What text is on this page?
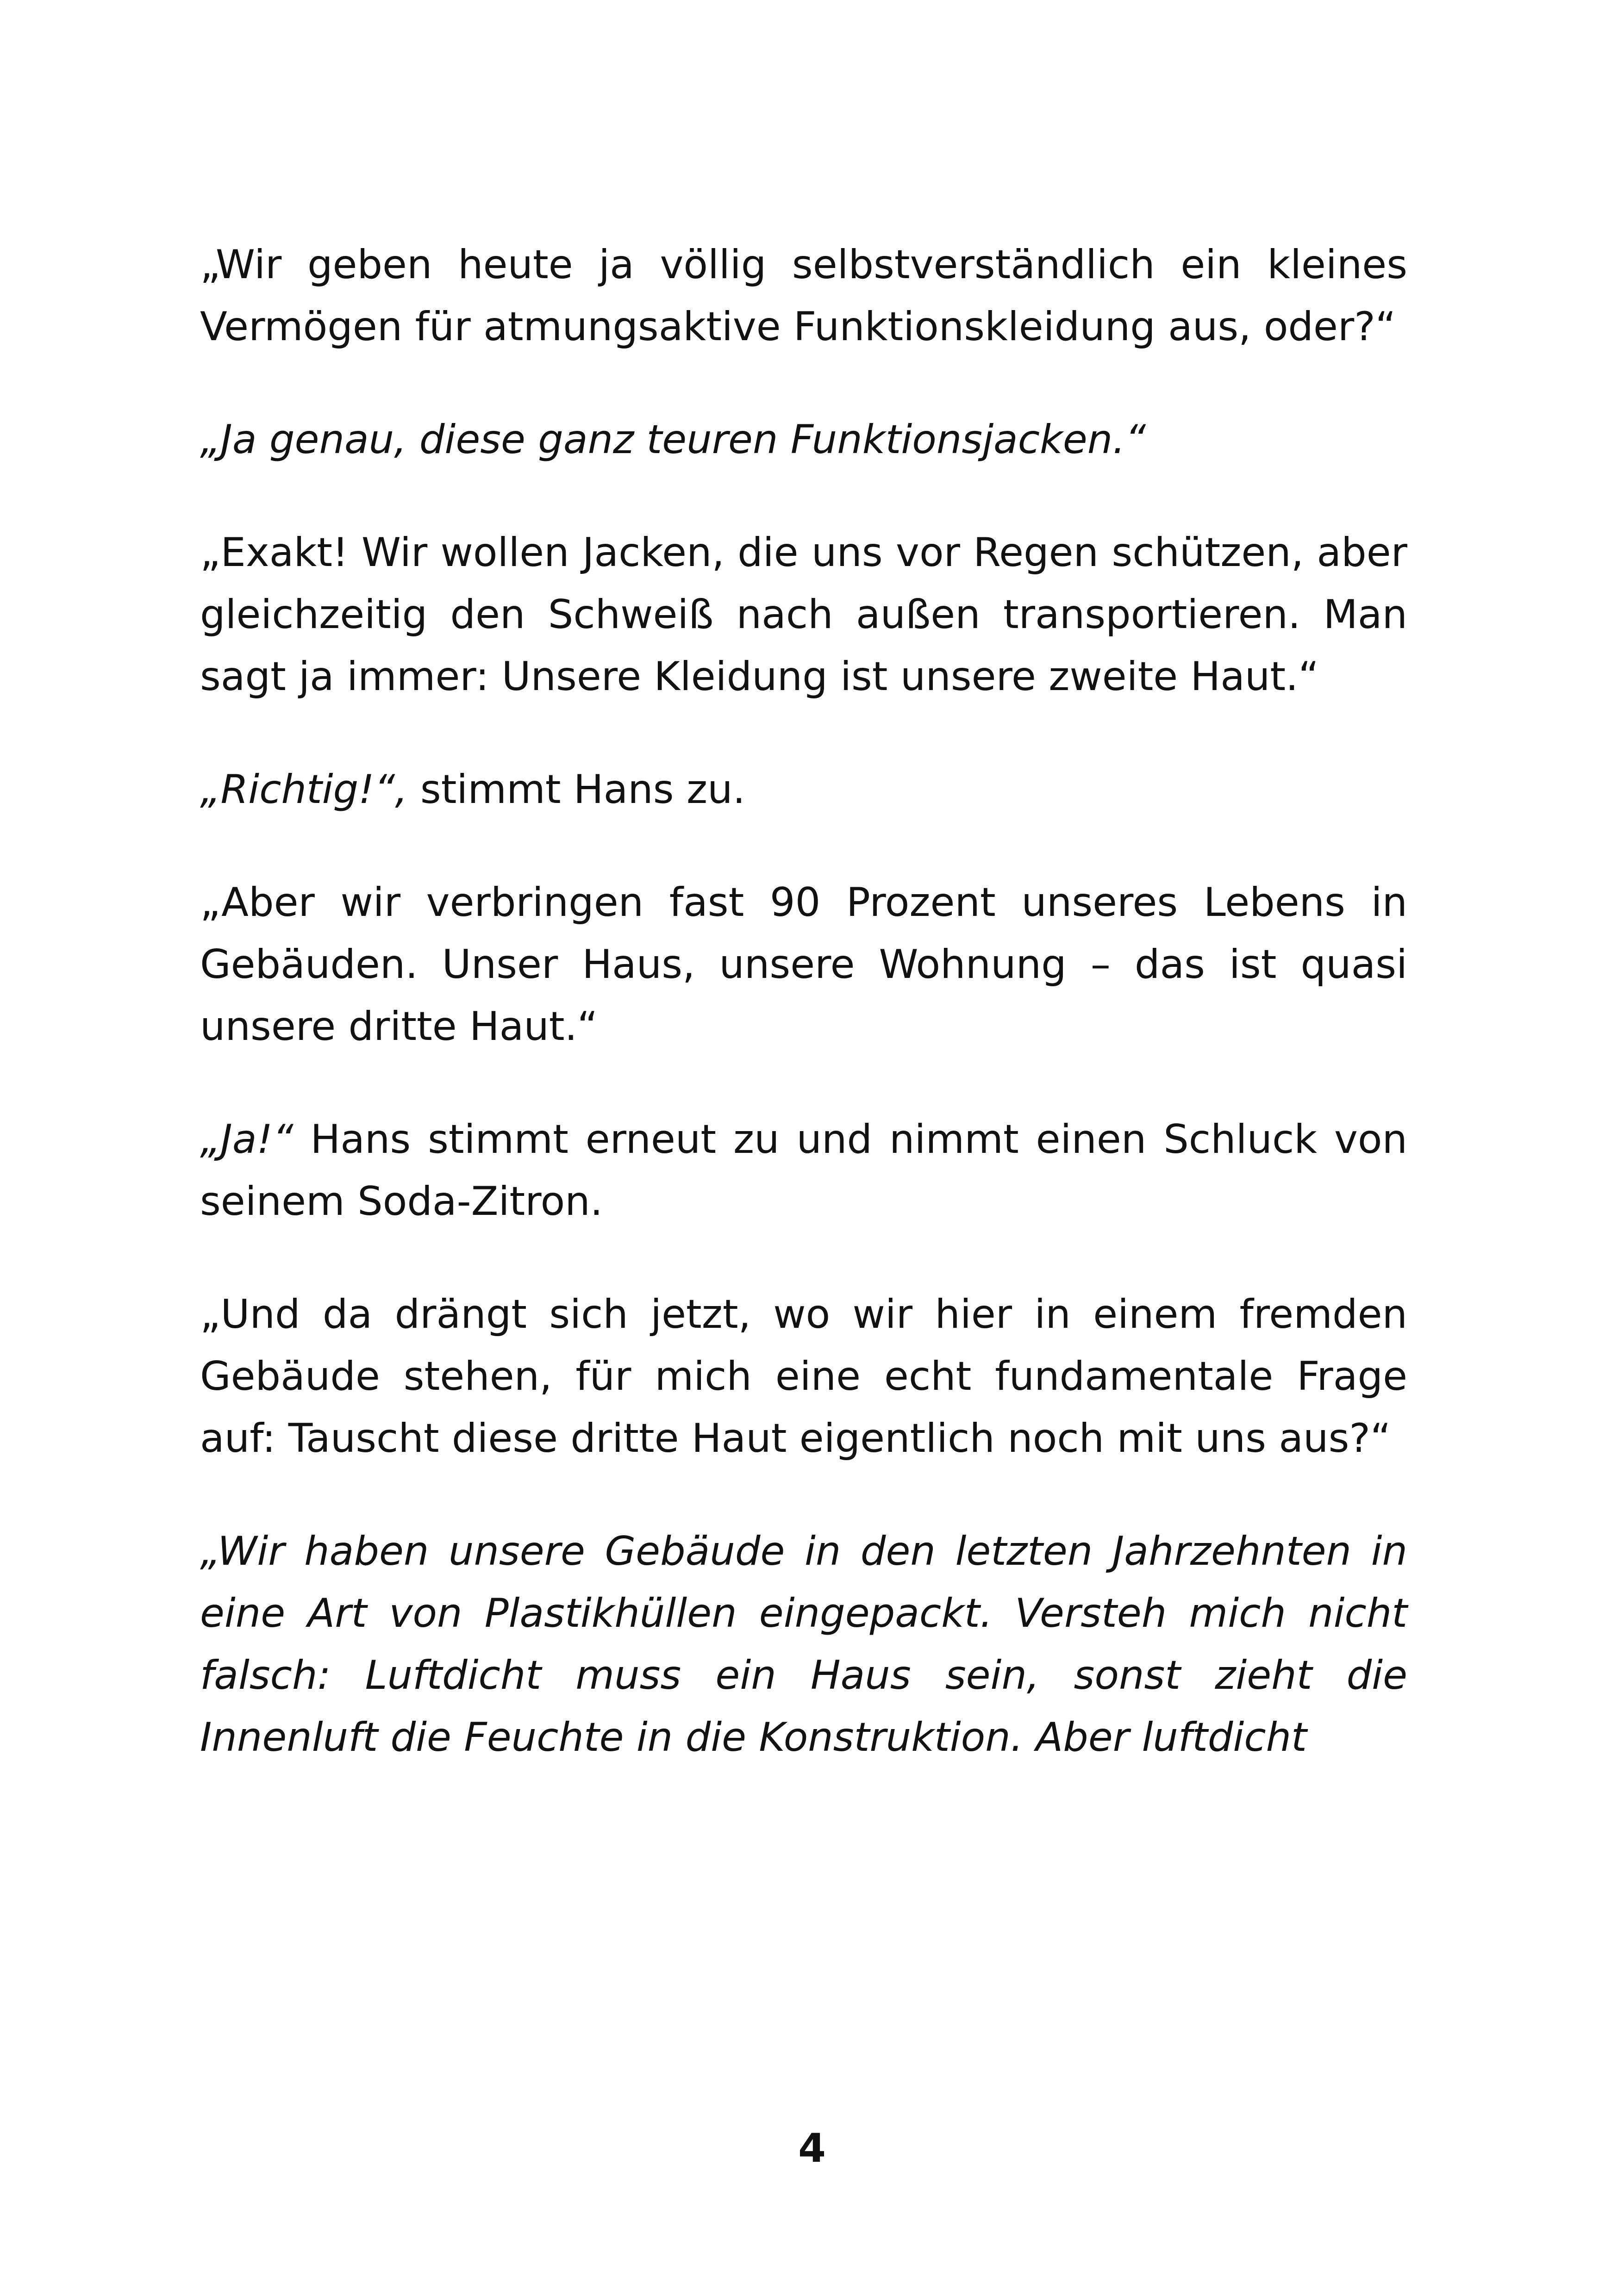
„Wir geben heute ja völlig selbstverständlich ein kleines Vermögen für atmungsaktive Funktionskleidung aus, oder?“

„Ja genau, diese ganz teuren Funktionsjacken.“

„Exakt! Wir wollen Jacken, die uns vor Regen schützen, aber gleichzeitig den Schweiß nach außen transportieren. Man sagt ja immer: Unsere Kleidung ist unsere zweite Haut.“

„Richtig!“, stimmt Hans zu.

„Aber wir verbringen fast 90 Prozent unseres Lebens in Gebäuden. Unser Haus, unsere Wohnung – das ist quasi unsere dritte Haut.“

„Ja!“ Hans stimmt erneut zu und nimmt einen Schluck von seinem Soda-Zitron.

„Und da drängt sich jetzt, wo wir hier in einem fremden Gebäude stehen, für mich eine echt fundamentale Frage auf: Tauscht diese dritte Haut eigentlich noch mit uns aus?“

„Wir haben unsere Gebäude in den letzten Jahrzehnten in eine Art von Plastikhüllen eingepackt. Versteh mich nicht falsch: Luftdicht muss ein Haus sein, sonst zieht die Innenluft die Feuchte in die Konstruktion. Aber luftdicht

4
